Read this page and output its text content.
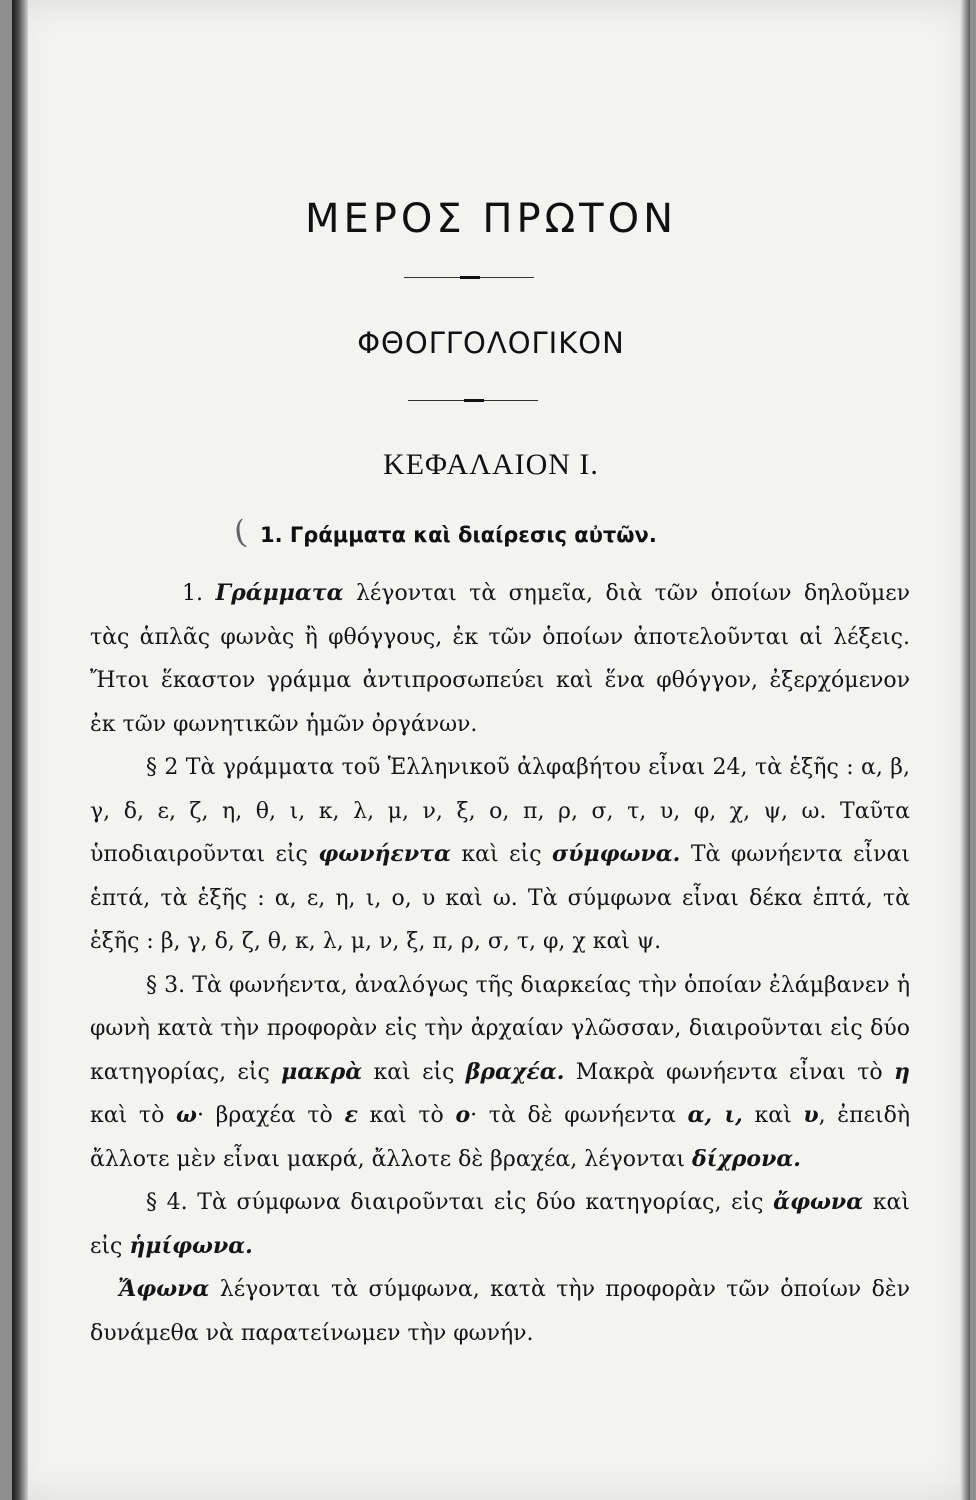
ΜΕΡΟΣ ΠΡΩΤΟΝ
ΦΘΟΓΓΟΛΟΓΙΚΟΝ
ΚΕΦΑΛΑΙΟΝ Ι.
( 1. Γράμματα καὶ διαίρεσις αὐτῶν.

1. Γράμματα λέγονται τὰ σημεῖα, διὰ τῶν ὁποίων δηλοῦμεν τὰς ἁπλᾶς φωνὰς ἢ φθόγγους, ἐκ τῶν ὁποίων ἀποτελοῦνται αἱ λέξεις. Ἤτοι ἕκαστον γράμμα ἀντιπροσωπεύει καὶ ἕνα φθόγγον, ἐξερχόμενον ἐκ τῶν φωνητικῶν ἡμῶν ὀργάνων.

§ 2 Τὰ γράμματα τοῦ Ἑλληνικοῦ ἀλφαβήτου εἶναι 24, τὰ ἑξῆς : α, β, γ, δ, ε, ζ, η, θ, ι, κ, λ, μ, ν, ξ, ο, π, ρ, σ, τ, υ, φ, χ, ψ, ω. Ταῦτα ὑποδιαιροῦνται εἰς φωνήεντα καὶ εἰς σύμφωνα. Τὰ φωνήεντα εἶναι ἑπτά, τὰ ἑξῆς : α, ε, η, ι, ο, υ καὶ ω. Τὰ σύμφωνα εἶναι δέκα ἑπτά, τὰ ἑξῆς : β, γ, δ, ζ, θ, κ, λ, μ, ν, ξ, π, ρ, σ, τ, φ, χ καὶ ψ.

§ 3. Τὰ φωνήεντα, ἀναλόγως τῆς διαρκείας τὴν ὁποίαν ἐλάμβανεν ἡ φωνὴ κατὰ τὴν προφορὰν εἰς τὴν ἀρχαίαν γλῶσσαν, διαιροῦνται εἰς δύο κατηγορίας, εἰς μακρὰ καὶ εἰς βραχέα. Μακρὰ φωνήεντα εἶναι τὸ η καὶ τὸ ω· βραχέα τὸ ε καὶ τὸ ο· τὰ δὲ φωνήεντα α, ι, καὶ υ, ἐπειδὴ ἄλλοτε μὲν εἶναι μακρά, ἄλλοτε δὲ βραχέα, λέγονται δίχρονα.

§ 4. Τὰ σύμφωνα διαιροῦνται εἰς δύο κατηγορίας, εἰς ἄφωνα καὶ εἰς ἡμίφωνα.

Ἄφωνα λέγονται τὰ σύμφωνα, κατὰ τὴν προφορὰν τῶν ὁποίων δὲν δυνάμεθα νὰ παρατείνωμεν τὴν φωνήν.
